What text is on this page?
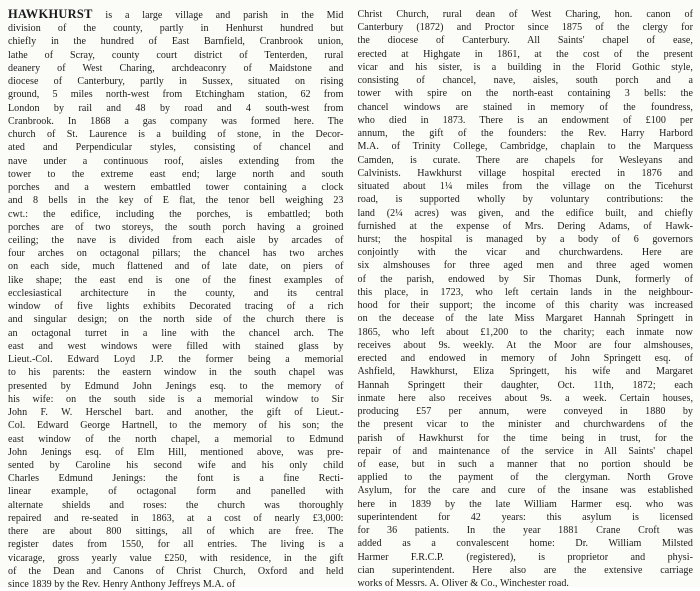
HAWKHURST is a large village and parish in the Mid
division of the county, partly in Henhurst hundred but
chiefly in the hundred of East Barnfield, Cranbrook union,
lathe of Scray, county court district of Tenterden, rural
deanery of West Charing, archdeaconry of Maidstone and
diocese of Canterbury, partly in Sussex, situated on rising
ground, 5 miles north-west from Etchingham station, 62 from
London by rail and 48 by road and 4 south-west from
Cranbrook. In 1868 a gas company was formed here. The
church of St. Laurence is a building of stone, in the Decor-
ated and Perpendicular styles, consisting of chancel and
nave under a continuous roof, aisles extending from the
tower to the extreme east end; large north and south
porches and a western embattled tower containing a clock
and 8 bells in the key of E flat, the tenor bell weighing 23
cwt.: the edifice, including the porches, is embattled; both
porches are of two storeys, the south porch having a groined
ceiling; the nave is divided from each aisle by arcades of
four arches on octagonal pillars; the chancel has two arches
on each side, much flattened and of late date, on piers of
like shape; the east end is one of the finest examples of
ecclesiastical architecture in the county, and its central
window of five lights exhibits Decorated tracing of a rich
and singular design; on the north side of the church there is
an octagonal turret in a line with the chancel arch. The
east and west windows were filled with stained glass by
Lieut.-Col. Edward Loyd J.P. the former being a memorial
to his parents: the eastern window in the south chapel was
presented by Edmund John Jenings esq. to the memory of
his wife: on the south side is a memorial window to Sir
John F. W. Herschel bart. and another, the gift of Lieut.-
Col. Edward George Hartnell, to the memory of his son; the
east window of the north chapel, a memorial to Edmund
John Jenings esq. of Elm Hill, mentioned above, was pre-
sented by Caroline his second wife and his only child
Charles Edmund Jenings: the font is a fine Recti-
linear example, of octagonal form and panelled with
alternate shields and roses: the church was thoroughly
repaired and re-seated in 1863, at a cost of nearly £3,000:
there are about 800 sittings, all of which are free. The
register dates from 1550, for all entries. The living is a
vicarage, gross yearly value £250, with residence, in the gift
of the Dean and Canons of Christ Church, Oxford and held
since 1839 by the Rev. Henry Anthony Jeffreys M.A. of
Christ Church, rural dean of West Charing, hon. canon of
Canterbury (1872) and Proctor since 1875 of the clergy for
the diocese of Canterbury. All Saints' chapel of ease,
erected at Highgate in 1861, at the cost of the present
vicar and his sister, is a building in the Florid Gothic style,
consisting of chancel, nave, aisles, south porch and a
tower with spire on the north-east containing 3 bells: the
chancel windows are stained in memory of the foundress,
who died in 1873. There is an endowment of £100 per
annum, the gift of the founders: the Rev. Harry Harbord
M.A. of Trinity College, Cambridge, chaplain to the Marquess
Camden, is curate. There are chapels for Wesleyans and
Calvinists. Hawkhurst village hospital erected in 1876 and
situated about 1¼ miles from the village on the Ticehurst
road, is supported wholly by voluntary contributions: the
land (2¼ acres) was given, and the edifice built, and chiefly
furnished at the expense of Mrs. Dering Adams, of Hawk-
hurst; the hospital is managed by a body of 6 governors
conjointly with the vicar and churchwardens. Here are
six almshouses for three aged men and three aged women
of the parish, endowed by Sir Thomas Dunk, formerly of
this place, in 1723, who left certain lands in the neighbour-
hood for their support; the income of this charity was increased
on the decease of the late Miss Margaret Hannah Springett in
1865, who left about £1,200 to the charity; each inmate now
receives about 9s. weekly. At the Moor are four almshouses,
erected and endowed in memory of John Springett esq. of
Ashfield, Hawkhurst, Eliza Springett, his wife and Margaret
Hannah Springett their daughter, Oct. 11th, 1872; each
inmate here also receives about 9s. a week. Certain houses,
producing £57 per annum, were conveyed in 1880 by
the present vicar to the minister and churchwardens of the
parish of Hawkhurst for the time being in trust, for the
repair of and maintenance of the service in All Saints' chapel
of ease, but in such a manner that no portion should be
applied to the payment of the clergyman. North Grove
Asylum, for the care and cure of the insane was established
here in 1839 by the late William Harmer esq. who was
superintendent for 42 years: this asylum is licensed
for 36 patients. In the year 1881 Crane Croft was
added as a convalescent home: Dr. William Milsted
Harmer F.R.C.P. (registered), is proprietor and physi-
cian superintendent. Here also are the extensive carriage
works of Messrs. A. Oliver & Co., Winchester road.
